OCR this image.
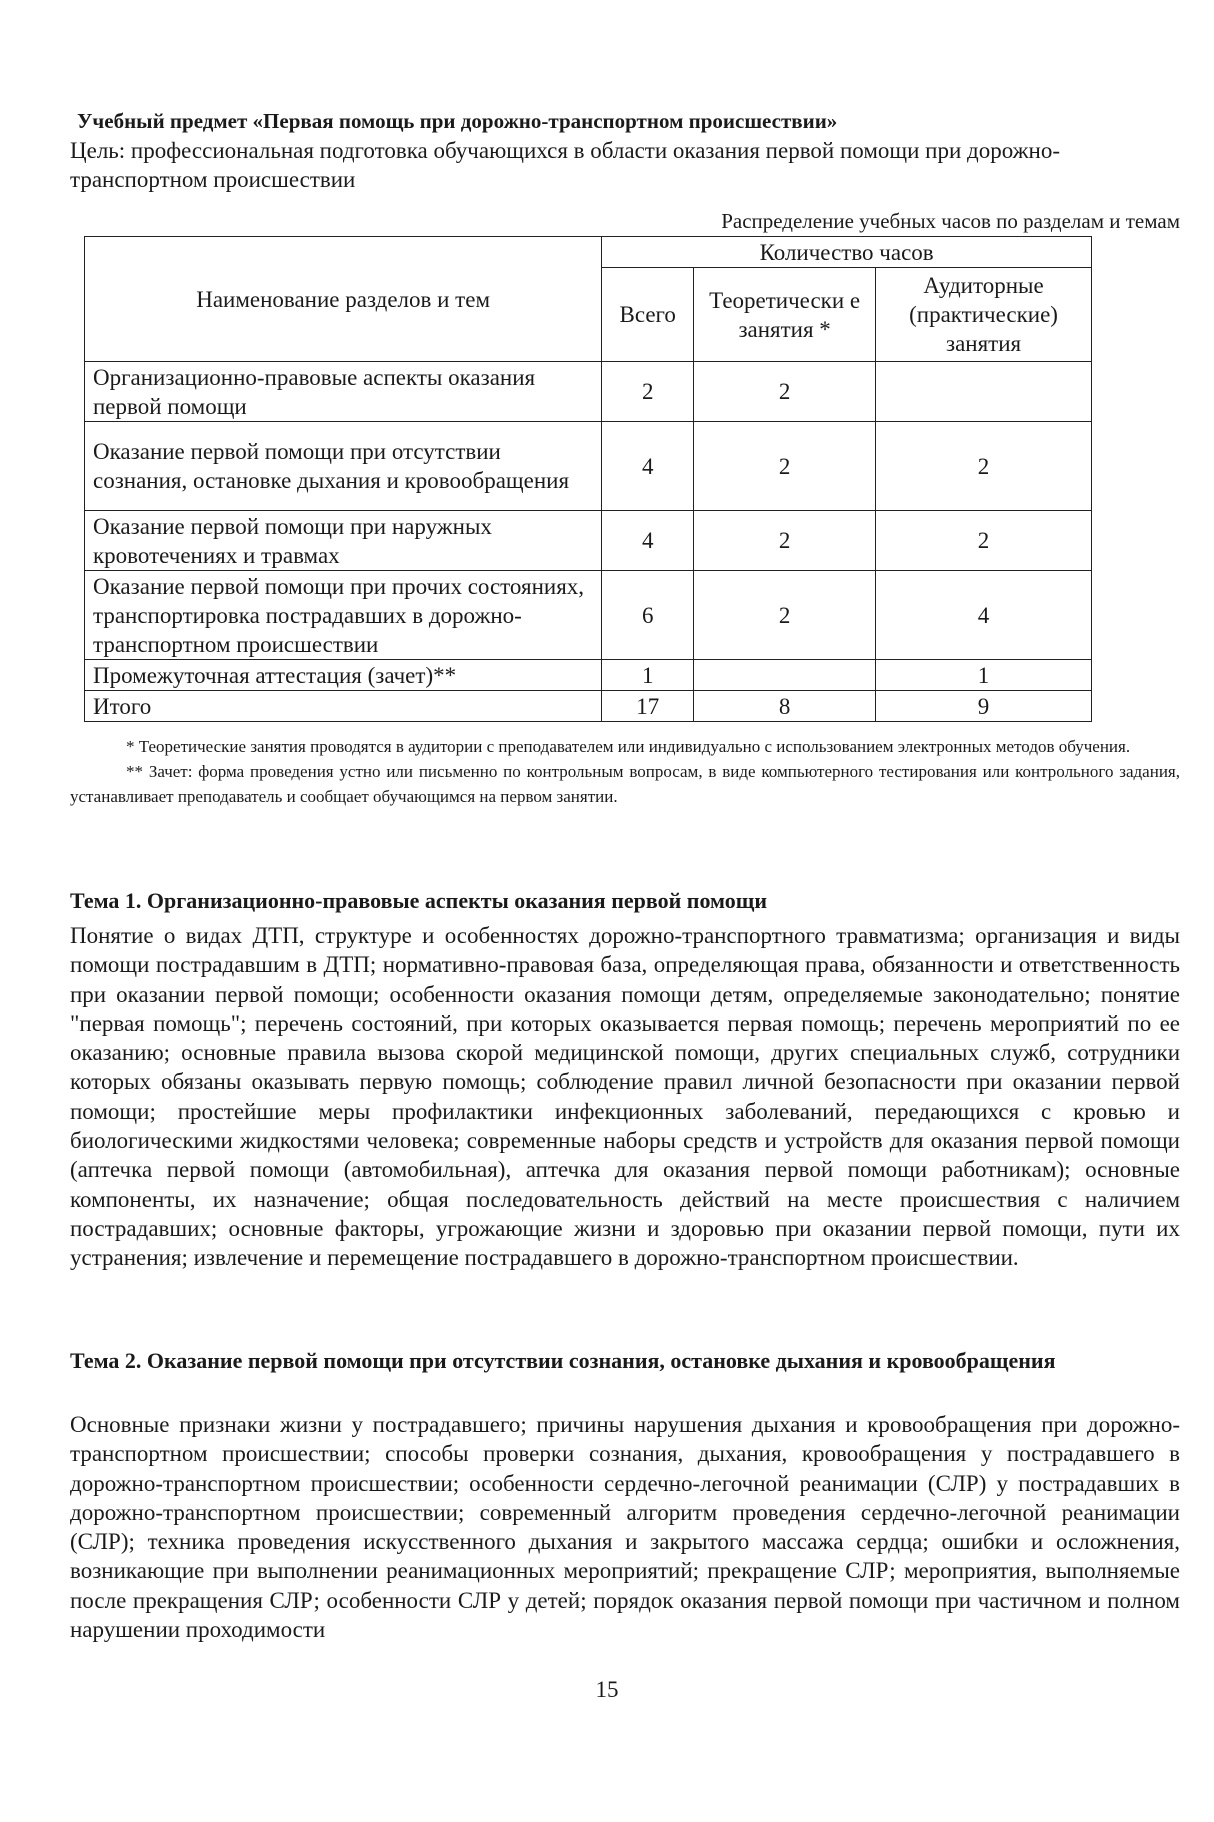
Учебный предмет «Первая помощь при дорожно-транспортном происшествии»
Цель: профессиональная подготовка обучающихся в области оказания первой помощи при дорожно-транспортном происшествии
Распределение учебных часов по разделам и темам
Наименование разделов и тем	Количество часов		
	Всего	Теоретически е занятия *	Аудиторные (практические) занятия
Организационно-правовые аспекты оказания первой помощи	2	2	
Оказание первой помощи при отсутствии сознания, остановке дыхания и кровообращения	4	2	2
Оказание первой помощи при наружных кровотечениях и травмах	4	2	2
Оказание первой помощи при прочих состояниях, транспортировка пострадавших в дорожно-транспортном происшествии	6	2	4
Промежуточная аттестация (зачет)**	1		1
Итого	17	8	9

* Теоретические занятия проводятся в аудитории с преподавателем или индивидуально с использованием электронных методов обучения.

** Зачет: форма проведения устно или письменно по контрольным вопросам, в виде компьютерного тестирования или контрольного задания, устанавливает преподаватель и сообщает обучающимся на первом занятии.

Тема 1. Организационно-правовые аспекты оказания первой помощи
Понятие о видах ДТП, структуре и особенностях дорожно-транспортного травматизма; организация и виды помощи пострадавшим в ДТП; нормативно-правовая база, определяющая права, обязанности и ответственность при оказании первой помощи; особенности оказания помощи детям, определяемые законодательно; понятие "первая помощь"; перечень состояний, при которых оказывается первая помощь; перечень мероприятий по ее оказанию; основные правила вызова скорой медицинской помощи, других специальных служб, сотрудники которых обязаны оказывать первую помощь; соблюдение правил личной безопасности при оказании первой помощи; простейшие меры профилактики инфекционных заболеваний, передающихся с кровью и биологическими жидкостями человека; современные наборы средств и устройств для оказания первой помощи (аптечка первой помощи (автомобильная), аптечка для оказания первой помощи работникам); основные компоненты, их назначение; общая последовательность действий на месте происшествия с наличием пострадавших; основные факторы, угрожающие жизни и здоровью при оказании первой помощи, пути их устранения; извлечение и перемещение пострадавшего в дорожно-транспортном происшествии.
Тема 2. Оказание первой помощи при отсутствии сознания, остановке дыхания и кровообращения
Основные признаки жизни у пострадавшего; причины нарушения дыхания и кровообращения при дорожно-транспортном происшествии; способы проверки сознания, дыхания, кровообращения у пострадавшего в дорожно-транспортном происшествии; особенности сердечно-легочной реанимации (СЛР) у пострадавших в дорожно-транспортном происшествии; современный алгоритм проведения сердечно-легочной реанимации (СЛР); техника проведения искусственного дыхания и закрытого массажа сердца; ошибки и осложнения, возникающие при выполнении реанимационных мероприятий; прекращение СЛР; мероприятия, выполняемые после прекращения СЛР; особенности СЛР у детей; порядок оказания первой помощи при частичном и полном нарушении проходимости
15
